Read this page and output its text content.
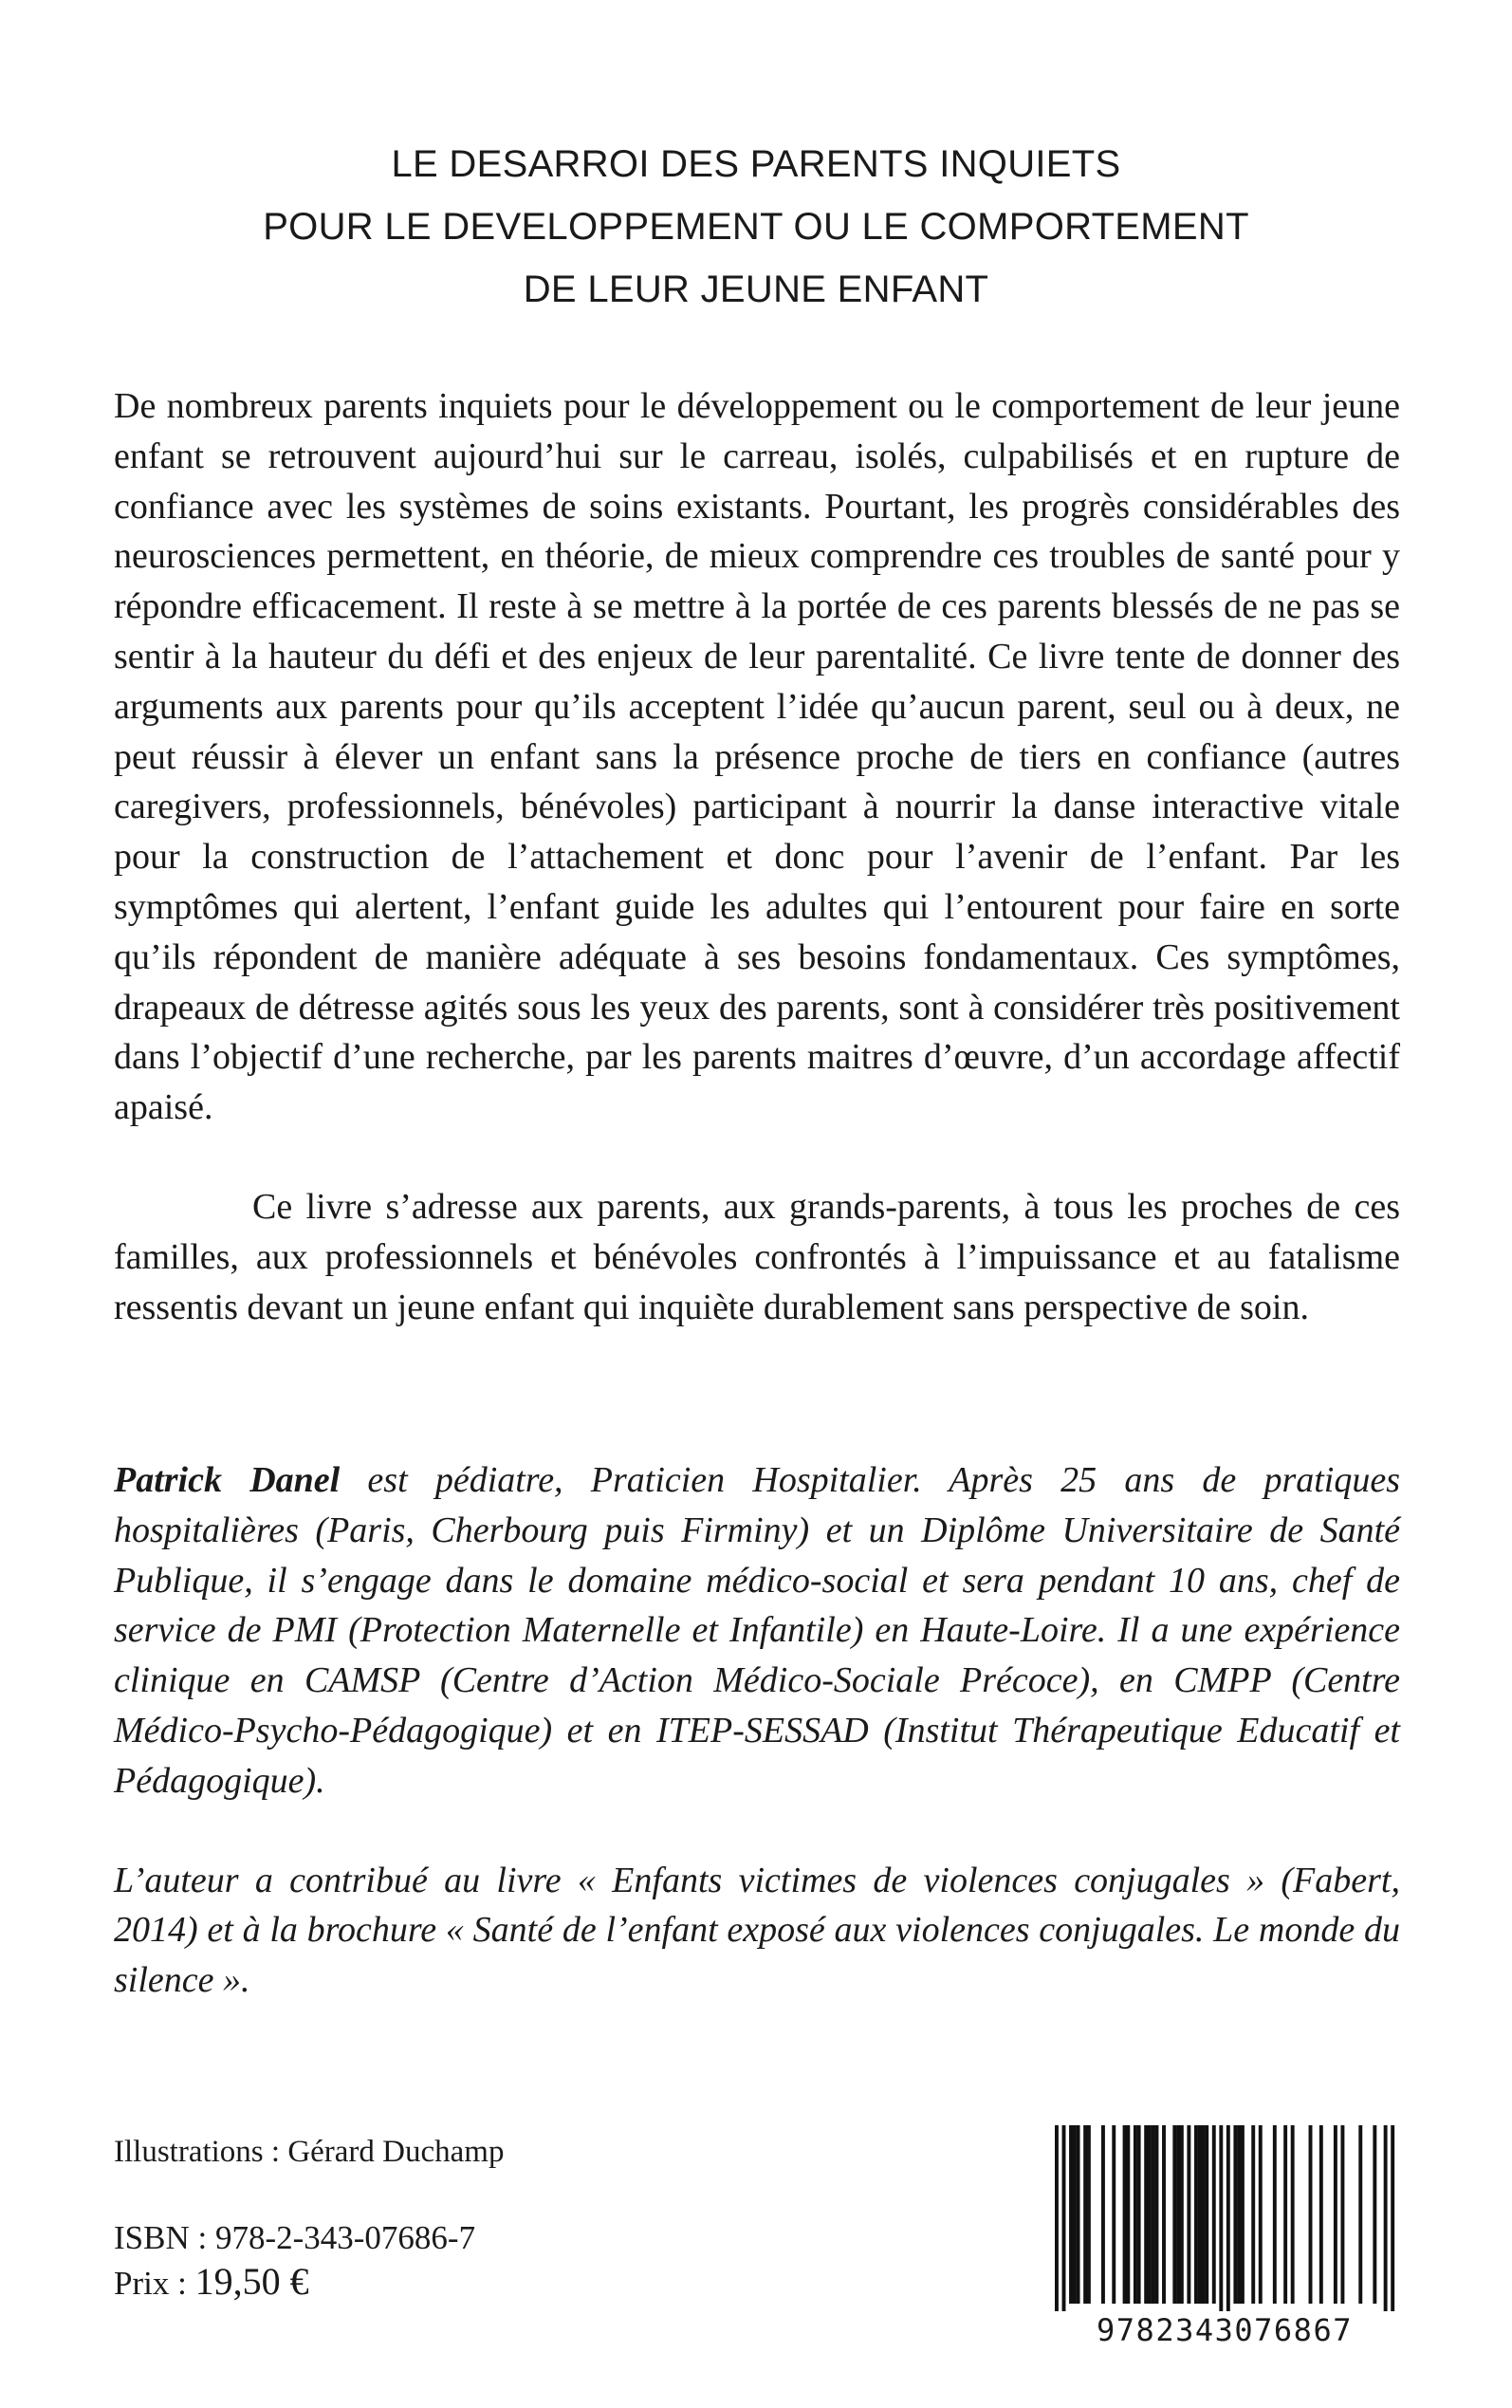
LE DESARROI DES PARENTS INQUIETS
POUR LE DEVELOPPEMENT OU LE COMPORTEMENT
DE LEUR JEUNE ENFANT

De nombreux parents inquiets pour le développement ou le comportement de leur jeune enfant se retrouvent aujourd’hui sur le carreau, isolés, culpabilisés et en rupture de confiance avec les systèmes de soins existants. Pourtant, les progrès considérables des neurosciences permettent, en théorie, de mieux comprendre ces troubles de santé pour y répondre efficacement. Il reste à se mettre à la portée de ces parents blessés de ne pas se sentir à la hauteur du défi et des enjeux de leur parentalité. Ce livre tente de donner des arguments aux parents pour qu’ils acceptent l’idée qu’aucun parent, seul ou à deux, ne peut réussir à élever un enfant sans la présence proche de tiers en confiance (autres caregivers, professionnels, bénévoles) participant à nourrir la danse interactive vitale pour la construction de l’attachement et donc pour l’avenir de l’enfant. Par les symptômes qui alertent, l’enfant guide les adultes qui l’entourent pour faire en sorte qu’ils répondent de manière adéquate à ses besoins fondamentaux. Ces symptômes, drapeaux de détresse agités sous les yeux des parents, sont à considérer très positivement dans l’objectif d’une recherche, par les parents maitres d’œuvre, d’un accordage affectif apaisé.

Ce livre s’adresse aux parents, aux grands-parents, à tous les proches de ces familles, aux professionnels et bénévoles confrontés à l’impuissance et au fatalisme ressentis devant un jeune enfant qui inquiète durablement sans perspective de soin.

Patrick Danel est pédiatre, Praticien Hospitalier. Après 25 ans de pratiques hospitalières (Paris, Cherbourg puis Firminy) et un Diplôme Universitaire de Santé Publique, il s’engage dans le domaine médico-social et sera pendant 10 ans, chef de service de PMI (Protection Maternelle et Infantile) en Haute-Loire. Il a une expérience clinique en CAMSP (Centre d’Action Médico-Sociale Précoce), en CMPP (Centre Médico-Psycho-Pédagogique) et en ITEP-SESSAD (Institut Thérapeutique Educatif et Pédagogique).

L’auteur a contribué au livre « Enfants victimes de violences conjugales » (Fabert, 2014) et à la brochure « Santé de l’enfant exposé aux violences conjugales. Le monde du silence ».

Illustrations : Gérard Duchamp
ISBN : 978-2-343-07686-7
Prix : 19,50 €
9782343076867
